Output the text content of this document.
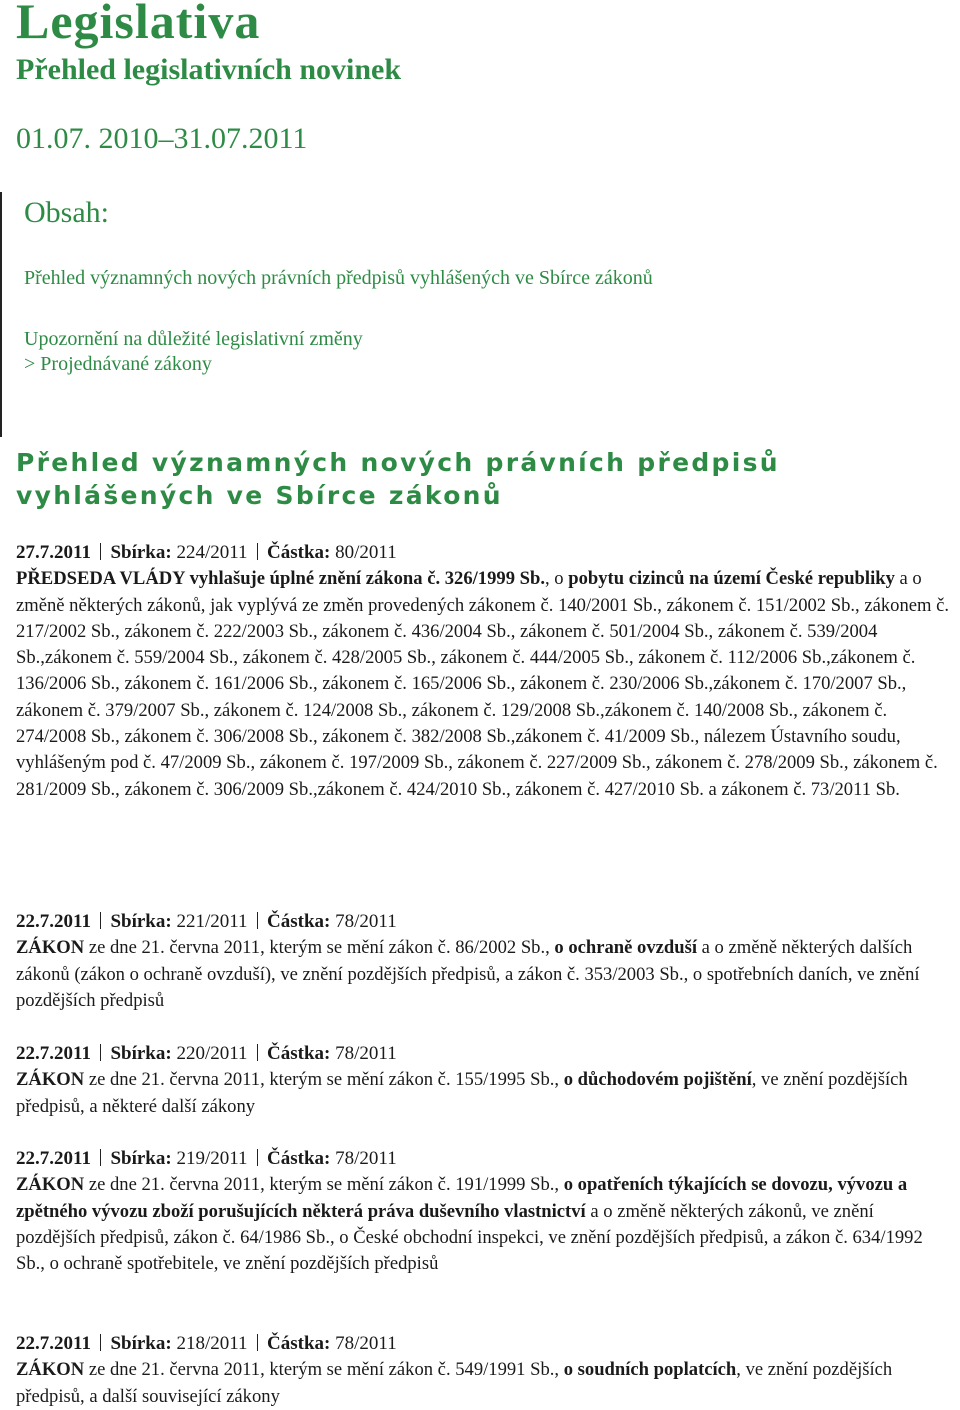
Legislativa
Přehled legislativních novinek
01.07. 2010–31.07.2011
Obsah:
Přehled významných nových právních předpisů vyhlášených ve Sbírce zákonů
Upozornění na důležité legislativní změny
> Projednávané zákony
Přehled významných nových právních předpisů vyhlášených ve Sbírce zákonů
27.7.2011 Sbírka: 224/2011 Částka: 80/2011
PŘEDSEDA VLÁDY vyhlašuje úplné znění zákona č. 326/1999 Sb., o pobytu cizinců na území České republiky a o změně některých zákonů, jak vyplývá ze změn provedených zákonem č. 140/2001 Sb., zákonem č. 151/2002 Sb., zákonem č. 217/2002 Sb., zákonem č. 222/2003 Sb., zákonem č. 436/2004 Sb., zákonem č. 501/2004 Sb., zákonem č. 539/2004 Sb.,zákonem č. 559/2004 Sb., zákonem č. 428/2005 Sb., zákonem č. 444/2005 Sb., zákonem č. 112/2006 Sb.,zákonem č. 136/2006 Sb., zákonem č. 161/2006 Sb., zákonem č. 165/2006 Sb., zákonem č. 230/2006 Sb.,zákonem č. 170/2007 Sb., zákonem č. 379/2007 Sb., zákonem č. 124/2008 Sb., zákonem č. 129/2008 Sb.,zákonem č. 140/2008 Sb., zákonem č. 274/2008 Sb., zákonem č. 306/2008 Sb., zákonem č. 382/2008 Sb.,zákonem č. 41/2009 Sb., nálezem Ústavního soudu, vyhlášeným pod č. 47/2009 Sb., zákonem č. 197/2009 Sb., zákonem č. 227/2009 Sb., zákonem č. 278/2009 Sb., zákonem č. 281/2009 Sb., zákonem č. 306/2009 Sb.,zákonem č. 424/2010 Sb., zákonem č. 427/2010 Sb. a zákonem č. 73/2011 Sb.
22.7.2011 Sbírka: 221/2011 Částka: 78/2011
ZÁKON ze dne 21. června 2011, kterým se mění zákon č. 86/2002 Sb., o ochraně ovzduší a o změně některých dalších zákonů (zákon o ochraně ovzduší), ve znění pozdějších předpisů, a zákon č. 353/2003 Sb., o spotřebních daních, ve znění pozdějších předpisů
22.7.2011 Sbírka: 220/2011 Částka: 78/2011
ZÁKON ze dne 21. června 2011, kterým se mění zákon č. 155/1995 Sb., o důchodovém pojištění, ve znění pozdějších předpisů, a některé další zákony
22.7.2011 Sbírka: 219/2011 Částka: 78/2011
ZÁKON ze dne 21. června 2011, kterým se mění zákon č. 191/1999 Sb., o opatřeních týkajících se dovozu, vývozu a zpětného vývozu zboží porušujících některá práva duševního vlastnictví a o změně některých zákonů, ve znění pozdějších předpisů, zákon č. 64/1986 Sb., o České obchodní inspekci, ve znění pozdějších předpisů, a zákon č. 634/1992 Sb., o ochraně spotřebitele, ve znění pozdějších předpisů
22.7.2011 Sbírka: 218/2011 Částka: 78/2011
ZÁKON ze dne 21. června 2011, kterým se mění zákon č. 549/1991 Sb., o soudních poplatcích, ve znění pozdějších předpisů, a další související zákony
